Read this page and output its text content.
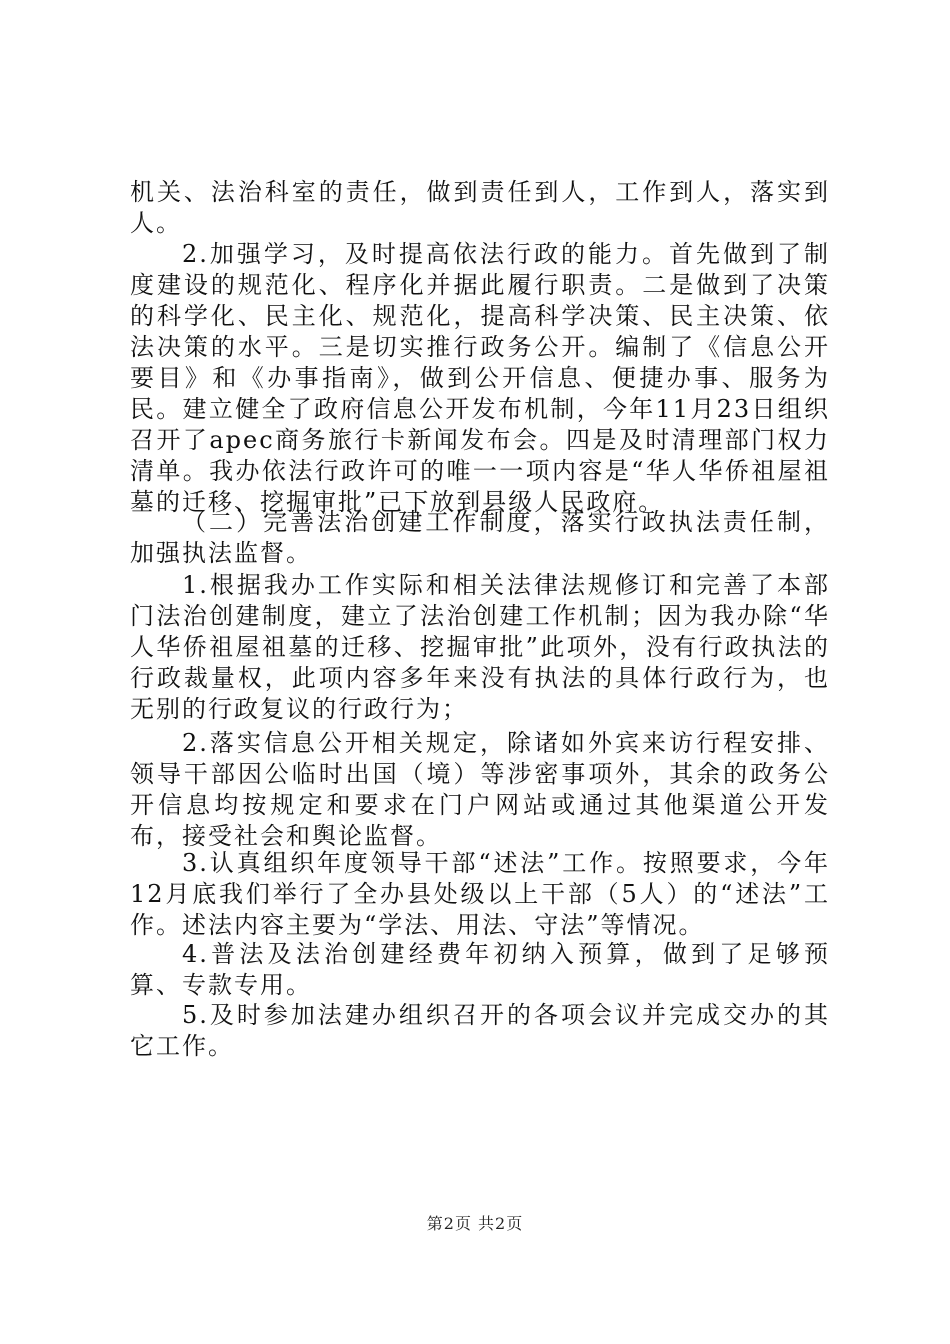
机关、法治科室的责任，做到责任到人，工作到人，落实到人。

2.加强学习，及时提高依法行政的能力。首先做到了制度建设的规范化、程序化并据此履行职责。二是做到了决策的科学化、民主化、规范化，提高科学决策、民主决策、依法决策的水平。三是切实推行政务公开。编制了《信息公开要目》和《办事指南》，做到公开信息、便捷办事、服务为民。建立健全了政府信息公开发布机制，今年11月23日组织召开了apec商务旅行卡新闻发布会。四是及时清理部门权力清单。我办依法行政许可的唯一一项内容是“华人华侨祖屋祖墓的迁移、挖掘审批”已下放到县级人民政府。

（二）完善法治创建工作制度，落实行政执法责任制，加强执法监督。

1.根据我办工作实际和相关法律法规修订和完善了本部门法治创建制度，建立了法治创建工作机制；因为我办除“华人华侨祖屋祖墓的迁移、挖掘审批”此项外，没有行政执法的行政裁量权，此项内容多年来没有执法的具体行政行为，也无别的行政复议的行政行为；

2.落实信息公开相关规定，除诸如外宾来访行程安排、领导干部因公临时出国（境）等涉密事项外，其余的政务公开信息均按规定和要求在门户网站或通过其他渠道公开发布，接受社会和舆论监督。

3.认真组织年度领导干部“述法”工作。按照要求，今年12月底我们举行了全办县处级以上干部（5人）的“述法”工作。述法内容主要为“学法、用法、守法”等情况。

4.普法及法治创建经费年初纳入预算，做到了足够预算、专款专用。

5.及时参加法建办组织召开的各项会议并完成交办的其它工作。

第2页 共2页
